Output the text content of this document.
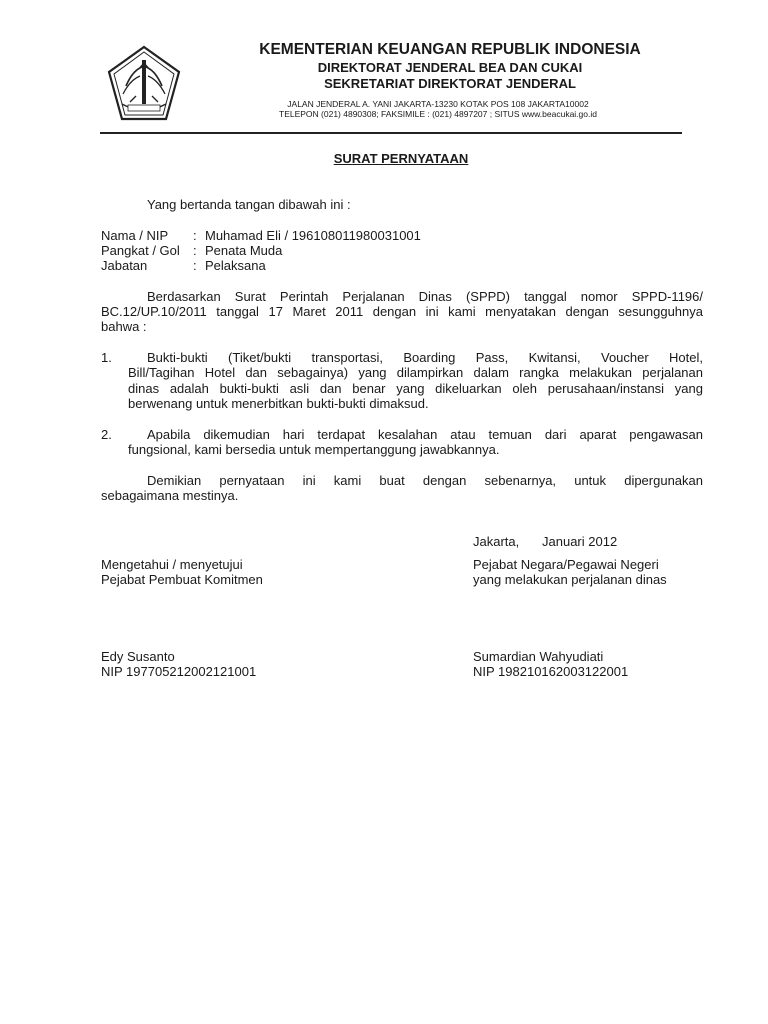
KEMENTERIAN KEUANGAN REPUBLIK INDONESIA
DIREKTORAT JENDERAL BEA DAN CUKAI
SEKRETARIAT DIREKTORAT JENDERAL
JALAN JENDERAL A. YANI JAKARTA-13230 KOTAK POS 108 JAKARTA10002
TELEPON (021) 4890308; FAKSIMILE : (021) 4897207 ; SITUS www.beacukai.go.id
SURAT PERNYATAAN
Yang bertanda tangan dibawah ini :
Nama / NIP : Muhamad Eli / 196108011980031001
Pangkat / Gol : Penata Muda
Jabatan	: Pelaksana
Berdasarkan Surat Perintah Perjalanan Dinas (SPPD) tanggal nomor SPPD-1196/
BC.12/UP.10/2011 tanggal 17 Maret 2011 dengan ini kami menyatakan dengan sesungguhnya
bahwa :
1.	Bukti-bukti (Tiket/bukti transportasi, Boarding Pass, Kwitansi, Voucher Hotel,
Bill/Tagihan Hotel dan sebagainya) yang dilampirkan dalam rangka melakukan perjalanan
dinas adalah bukti-bukti asli dan benar yang dikeluarkan oleh perusahaan/instansi yang
berwenang untuk menerbitkan bukti-bukti dimaksud.
2.	Apabila dikemudian hari terdapat kesalahan atau temuan dari aparat pengawasan
fungsional, kami bersedia untuk mempertanggung jawabkannya.
Demikian pernyataan ini kami buat dengan sebenarnya, untuk dipergunakan
sebagaimana mestinya.
Jakarta, Januari 2012
Mengetahui / menyetujui
Pejabat Pembuat Komitmen
Pejabat Negara/Pegawai Negeri
yang melakukan perjalanan dinas
Edy Susanto
NIP 197705212002121001
Sumardian Wahyudiati
NIP 198210162003122001
